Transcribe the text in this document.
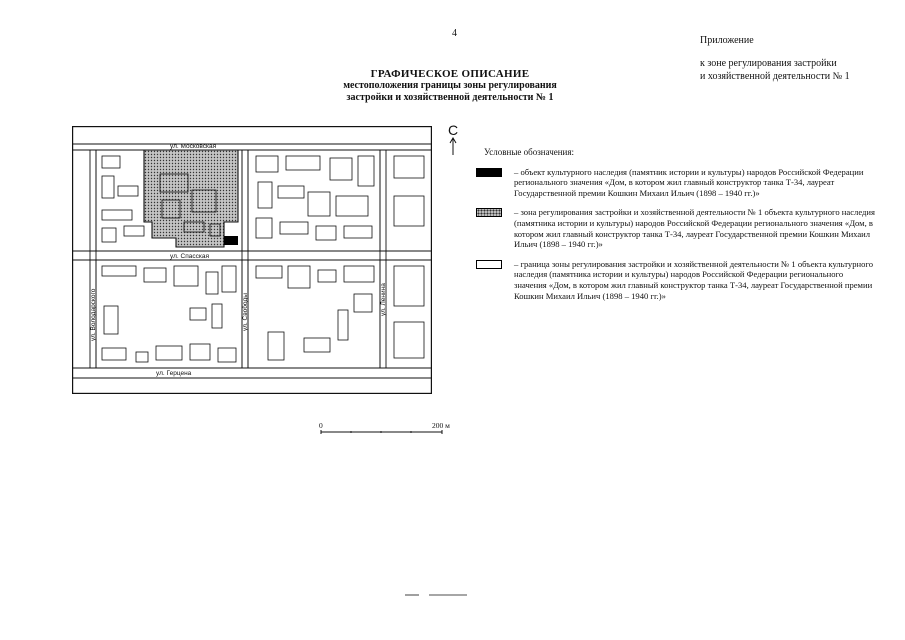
4
Приложение
к зоне регулирования застройки
и хозяйственной деятельности № 1
ГРАФИЧЕСКОЕ ОПИСАНИЕ
местоположения границы зоны регулирования
застройки и хозяйственной деятельности № 1
ул. Московская
ул. Спасская
ул. Герцена
ул. Володарского	ул. Свободы	ул. Ленина
С
Условные обозначения:
– объект культурного наследия (памятник истории и культуры) народов Российской Федерации регионального значения «Дом, в котором жил главный конструктор танка Т-34, лауреат Государственной премии Кошкин Михаил Ильич (1898 – 1940 гг.)»
– зона регулирования застройки и хозяйственной деятельности № 1 объекта культурного наследия (памятника истории и культуры) народов Российской Федерации регионального значения «Дом, в котором жил главный конструктор танка Т-34, лауреат Государственной премии Кошкин Михаил Ильич (1898 – 1940 гг.)»
– граница зоны регулирования застройки и хозяйственной деятельности № 1 объекта культурного наследия (памятника истории и культуры) народов Российской Федерации регионального значения «Дом, в котором жил главный конструктор танка Т-34, лауреат Государственной премии Кошкин Михаил Ильич (1898 – 1940 гг.)»
0	200 м
